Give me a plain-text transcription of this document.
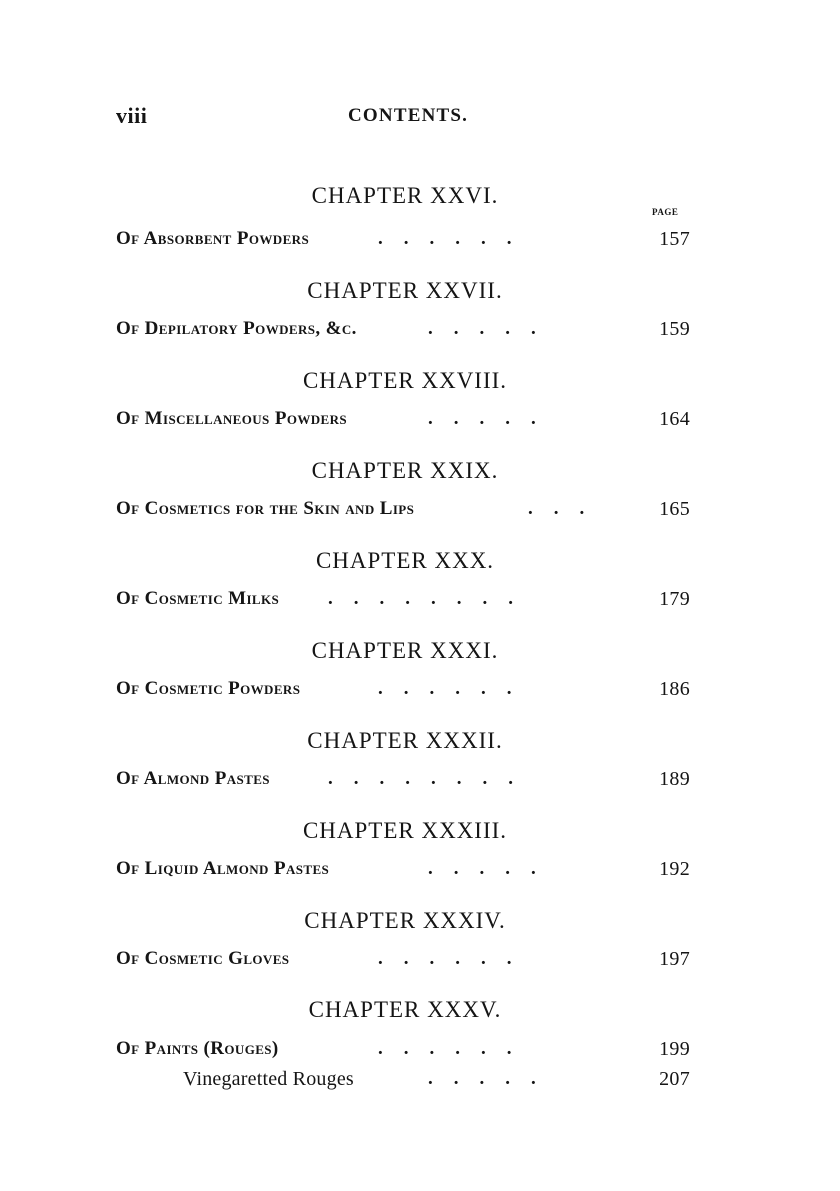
viii	CONTENTS.
PAGE
CHAPTER XXVI.
Of Absorbent Powders	......	157
CHAPTER XXVII.
Of Depilatory Powders, &c.	.....	159
CHAPTER XXVIII.
Of Miscellaneous Powders	.....	164
CHAPTER XXIX.
Of Cosmetics for the Skin and Lips	...	165
CHAPTER XXX.
Of Cosmetic Milks	........	179
CHAPTER XXXI.
Of Cosmetic Powders	......	186
CHAPTER XXXII.
Of Almond Pastes	........	189
CHAPTER XXXIII.
Of Liquid Almond Pastes	.....	192
CHAPTER XXXIV.
Of Cosmetic Gloves	......	197
CHAPTER XXXV.
Of Paints (Rouges)	......	199
Vinegaretted Rouges	.....	207
